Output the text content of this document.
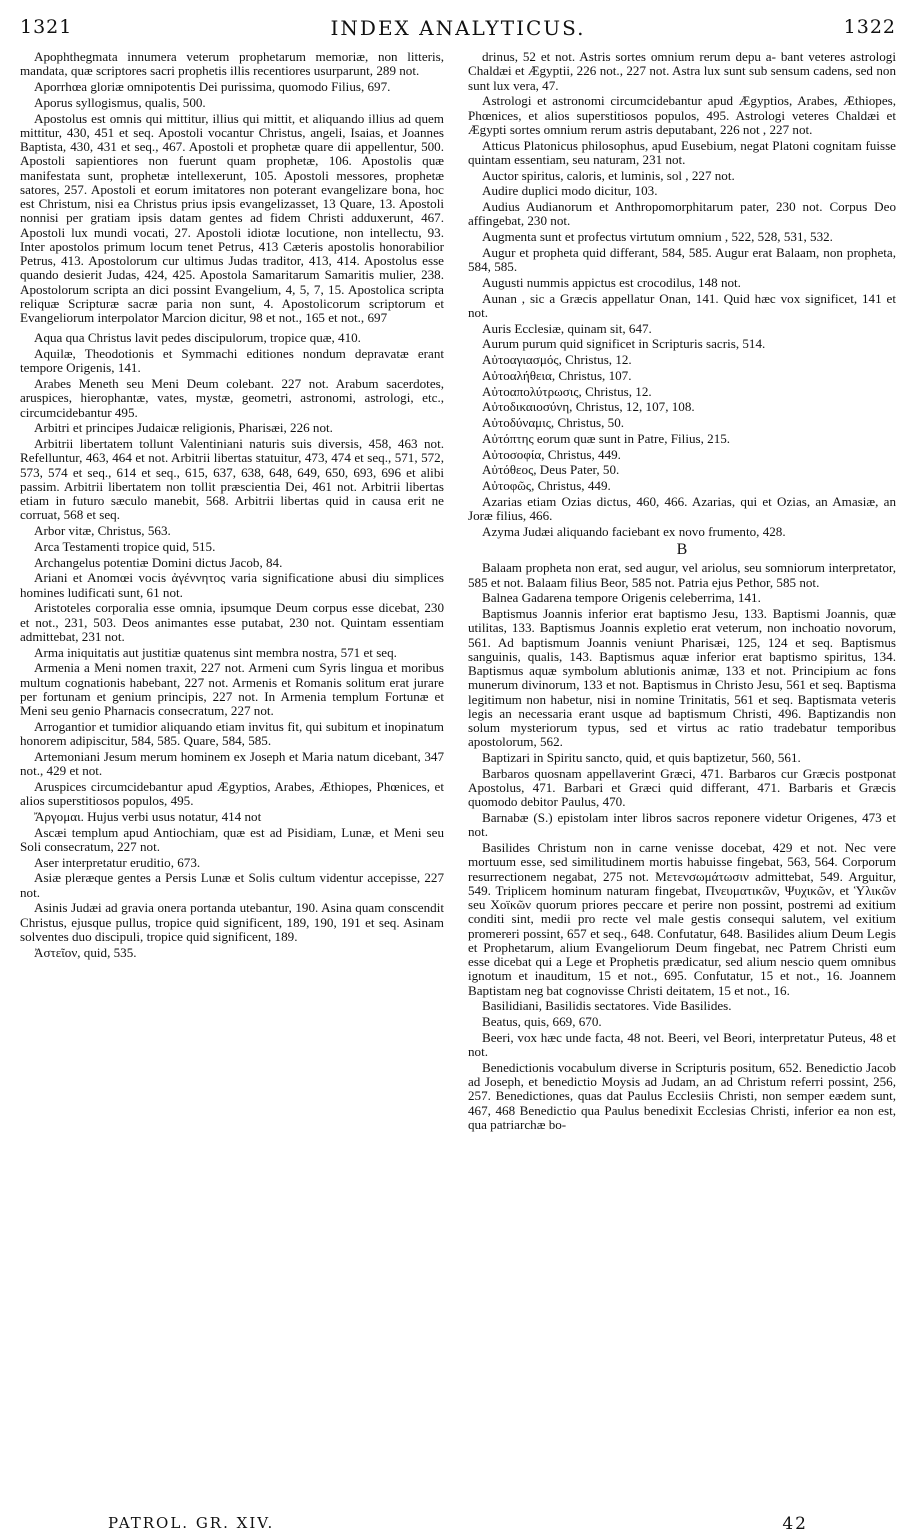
1321	INDEX ANALYTICUS.	1322

Apophthegmata innumera veterum prophetarum memoriæ, non litteris, mandata, quæ scriptores sacri prophetis illis recentiores usurparunt, 289 not.

Aporrhœa gloriæ omnipotentis Dei purissima, quomodo Filius, 697.

Aporus syllogismus, qualis, 500.

Apostolus est omnis qui mittitur, illius qui mittit, et aliquando illius ad quem mittitur, 430, 451 et seq. Apostoli vocantur Christus, angeli, Isaias, et Joannes Baptista, 430, 431 et seq., 467. Apostoli et prophetæ quare dii appellentur, 500. Apostoli sapientiores non fuerunt quam prophetæ, 106. Apostolis quæ manifestata sunt, prophetæ intellexerunt, 105. Apostoli messores, prophetæ satores, 257. Apostoli et eorum imitatores non poterant evangelizare bona, hoc est Christum, nisi ea Christus prius ipsis evangelizasset, 13 Quare, 13. Apostoli nonnisi per gratiam ipsis datam gentes ad fidem Christi adduxerunt, 467. Apostoli lux mundi vocati, 27. Apostoli idiotæ locutione, non intellectu, 93. Inter apostolos primum locum tenet Petrus, 413 Cæteris apostolis honorabilior Petrus, 413. Apostolorum cur ultimus Judas traditor, 413, 414. Apostolus esse quando desierit Judas, 424, 425. Apostola Samaritarum Samaritis mulier, 238. Apostolorum scripta an dici possint Evangelium, 4, 5, 7, 15. Apostolica scripta reliquæ Scripturæ sacræ paria non sunt, 4. Apostolicorum scriptorum et Evangeliorum interpolator Marcion dicitur, 98 et not., 165 et not., 697

Aqua qua Christus lavit pedes discipulorum, tropice quæ, 410.

Aquilæ, Theodotionis et Symmachi editiones nondum depravatæ erant tempore Origenis, 141.

Arabes Meneth seu Meni Deum colebant. 227 not. Arabum sacerdotes, aruspices, hierophantæ, vates, mystæ, geometri, astronomi, astrologi, etc., circumcidebantur 495.

Arbitri et principes Judaicæ religionis, Pharisæi, 226 not.

Arbitrii libertatem tollunt Valentiniani naturis suis diversis, 458, 463 not. Refelluntur, 463, 464 et not. Arbitrii libertas statuitur, 473, 474 et seq., 571, 572, 573, 574 et seq., 614 et seq., 615, 637, 638, 648, 649, 650, 693, 696 et alibi passim. Arbitrii libertatem non tollit præscientia Dei, 461 not. Arbitrii libertas etiam in futuro sæculo manebit, 568. Arbitrii libertas quid in causa erit ne corruat, 568 et seq.

Arbor vitæ, Christus, 563.

Arca Testamenti tropice quid, 515.

Archangelus potentiæ Domini dictus Jacob, 84.

Ariani et Anomœi vocis ἀγέννητος varia significatione abusi diu simplices homines ludificati sunt, 61 not.

Aristoteles corporalia esse omnia, ipsumque Deum corpus esse dicebat, 230 et not., 231, 503. Deos animantes esse putabat, 230 not. Quintam essentiam admittebat, 231 not.

Arma iniquitatis aut justitiæ quatenus sint membra nostra, 571 et seq.

Armenia a Meni nomen traxit, 227 not. Armeni cum Syris lingua et moribus multum cognationis habebant, 227 not. Armenis et Romanis solitum erat jurare per fortunam et genium principis, 227 not. In Armenia templum Fortunæ et Meni seu genio Pharnacis consecratum, 227 not.

Arrogantior et tumidior aliquando etiam invitus fit, qui subitum et inopinatum honorem adipiscitur, 584, 585. Quare, 584, 585.

Artemoniani Jesum merum hominem ex Joseph et Maria natum dicebant, 347 not., 429 et not.

Aruspices circumcidebantur apud Ægyptios, Arabes, Æthiopes, Phœnices, et alios superstitiosos populos, 495.

Ἄργομαι. Hujus verbi usus notatur, 414 not

Ascæi templum apud Antiochiam, quæ est ad Pisidiam, Lunæ, et Meni seu Soli consecratum, 227 not.

Aser interpretatur eruditio, 673.

Asiæ pleræque gentes a Persis Lunæ et Solis cultum videntur accepisse, 227 not.

Asinis Judæi ad gravia onera portanda utebantur, 190. Asina quam conscendit Christus, ejusque pullus, tropice quid significent, 189, 190, 191 et seq. Asinam solventes duo discipuli, tropice quid significent, 189.

Ἀστεῖον, quid, 535.

drinus, 52 et not. Astris sortes omnium rerum depu a- bant veteres astrologi Chaldæi et Ægyptii, 226 not., 227 not. Astra lux sunt sub sensum cadens, sed non sunt lux vera, 47.

Astrologi et astronomi circumcidebantur apud Ægyptios, Arabes, Æthiopes, Phœnices, et alios superstitiosos populos, 495. Astrologi veteres Chaldæi et Ægypti sortes omnium rerum astris deputabant, 226 not , 227 not.

Atticus Platonicus philosophus, apud Eusebium, negat Platoni cognitam fuisse quintam essentiam, seu naturam, 231 not.

Auctor spiritus, caloris, et luminis, sol , 227 not.

Audire duplici modo dicitur, 103.

Audius Audianorum et Anthropomorphitarum pater, 230 not. Corpus Deo affingebat, 230 not.

Augmenta sunt et profectus virtutum omnium , 522, 528, 531, 532.

Augur et propheta quid differant, 584, 585. Augur erat Balaam, non propheta, 584, 585.

Augusti nummis appictus est crocodilus, 148 not.

Aunan , sic a Græcis appellatur Onan, 141. Quid hæc vox significet, 141 et not.

Auris Ecclesiæ, quinam sit, 647.

Aurum purum quid significet in Scripturis sacris, 514.

Αὐτοαγιασμός, Christus, 12.

Αὐτοαλήθεια, Christus, 107.

Αὐτοαπολύτρωσις, Christus, 12.

Αὐτοδικαιοσύνη, Christus, 12, 107, 108.

Αὐτοδύναμις, Christus, 50.

Αὐτόπτης eorum quæ sunt in Patre, Filius, 215.

Αὐτοσοφία, Christus, 449.

Αὐτόθεος, Deus Pater, 50.

Αὐτοφῶς, Christus, 449.

Azarias etiam Ozias dictus, 460, 466. Azarias, qui et Ozias, an Amasiæ, an Joræ filius, 466.

Azyma Judæi aliquando faciebant ex novo frumento, 428.

B

Balaam propheta non erat, sed augur, vel ariolus, seu somniorum interpretator, 585 et not. Balaam filius Beor, 585 not. Patria ejus Pethor, 585 not.

Balnea Gadarena tempore Origenis celeberrima, 141.

Baptismus Joannis inferior erat baptismo Jesu, 133. Baptismi Joannis, quæ utilitas, 133. Baptismus Joannis expletio erat veterum, non inchoatio novorum, 561. Ad baptismum Joannis veniunt Pharisæi, 125, 124 et seq. Baptismus sanguinis, qualis, 143. Baptismus aquæ inferior erat baptismo spiritus, 134. Baptismus aquæ symbolum ablutionis animæ, 133 et not. Principium ac fons munerum divinorum, 133 et not. Baptismus in Christo Jesu, 561 et seq. Baptisma legitimum non habetur, nisi in nomine Trinitatis, 561 et seq. Baptismata veteris legis an necessaria erant usque ad baptismum Christi, 496. Baptizandis non solum mysteriorum typus, sed et virtus ac ratio tradebatur temporibus apostolorum, 562.

Baptizari in Spiritu sancto, quid, et quis baptizetur, 560, 561.

Barbaros quosnam appellaverint Græci, 471. Barbaros cur Græcis postponat Apostolus, 471. Barbari et Græci quid differant, 471. Barbaris et Græcis quomodo debitor Paulus, 470.

Barnabæ (S.) epistolam inter libros sacros reponere videtur Origenes, 473 et not.

Basilides Christum non in carne venisse docebat, 429 et not. Nec vere mortuum esse, sed similitudinem mortis habuisse fingebat, 563, 564. Corporum resurrectionem negabat, 275 not. Μετενσωμάτωσιν admittebat, 549. Arguitur, 549. Triplicem hominum naturam fingebat, Πνευματικῶν, Ψυχικῶν, et Ὑλικῶν seu Χοϊκῶν quorum priores peccare et perire non possint, postremi ad exitium conditi sint, medii pro recte vel male gestis consequi salutem, vel exitium promererі possint, 657 et seq., 648. Confutatur, 648. Basilides alium Deum Legis et Prophetarum, alium Evangeliorum Deum fingebat, nec Patrem Christi eum esse dicebat qui a Lege et Prophetis prædicatur, sed alium nescio quem omnibus ignotum et inauditum, 15 et not., 695. Confutatur, 15 et not., 16. Joannem Baptistam neg bat cognovisse Christi deitatem, 15 et not., 16.

Basilidiani, Basilidis sectatores. Vide Basilides.

Beatus, quis, 669, 670.

Beeri, vox hæc unde facta, 48 not. Beeri, vel Beori, interpretatur Puteus, 48 et not.

Benedictionis vocabulum diverse in Scripturis positum, 652. Benedictio Jacob ad Joseph, et benedictio Moysis ad Judam, an ad Christum referri possint, 256, 257. Benedictiones, quas dat Paulus Ecclesiis Christi, non semper eædem sunt, 467, 468 Benedictio qua Paulus benedixit Ecclesias Christi, inferior ea non est, qua patriarchæ bo-

PATROL. GR. XIV.	42
